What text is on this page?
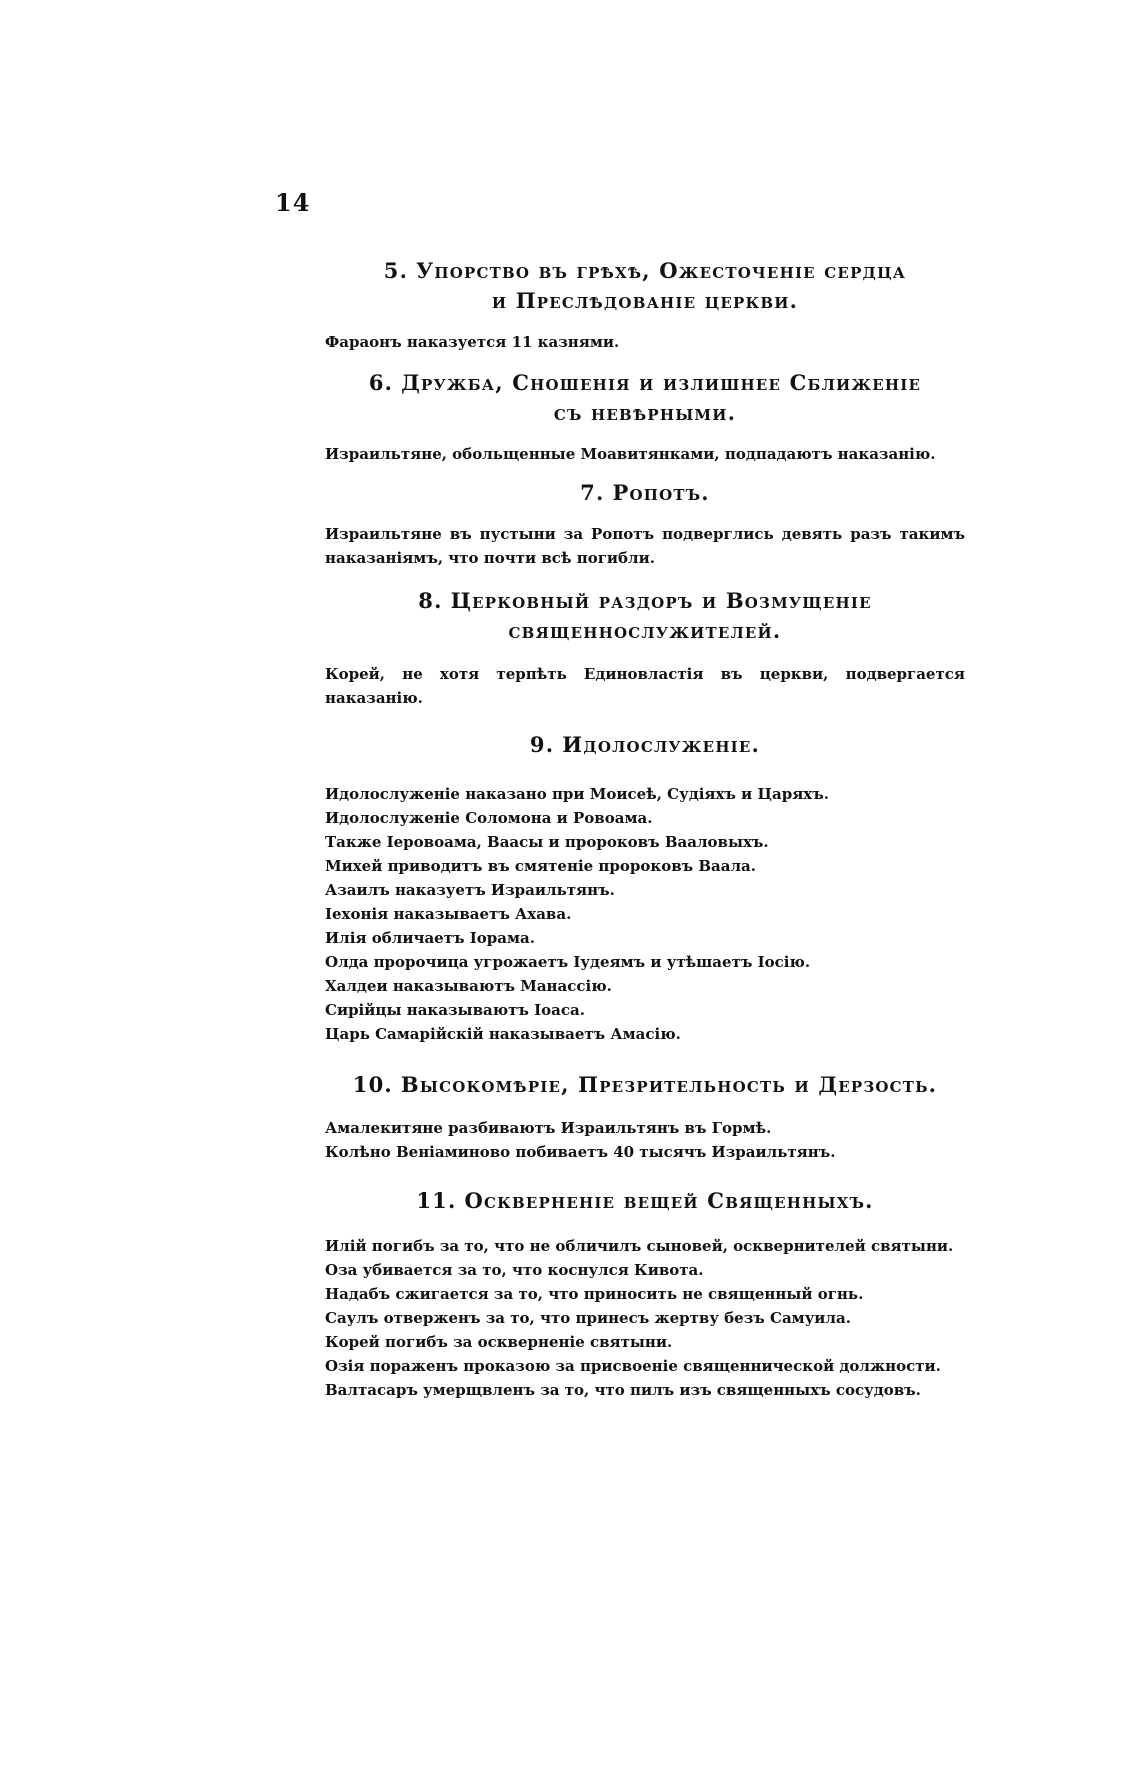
14
5. Упорство въ грѣхѣ, Ожесточеніе сердца
и Преслѣдованіе церкви.

Фараонъ наказуется 11 казнями.

6. Дружба, Сношенія и излишнее Сближеніе
съ невѣрными.

Израильтяне, обольщенные Моавитянками, подпадаютъ наказанію.

7. Ропотъ.

Израильтяне въ пустыни за Ропотъ подверглись девять разъ такимъ наказаніямъ, что почти всѣ погибли.

8. Церковный раздоръ и Возмущеніе
священнослужителей.

Корей, не хотя терпѣть Единовластія въ церкви, подвергается наказанію.

9. Идолослуженіе.
Идолослуженіе наказано при Моисеѣ, Судіяхъ и Царяхъ.
Идолослуженіе Соломона и Ровоама.
Также Іеровоама, Ваасы и пророковъ Вааловыхъ.
Михей приводитъ въ смятеніе пророковъ Ваала.
Азаилъ наказуетъ Израильтянъ.
Іехонія наказываетъ Ахава.
Илія обличаетъ Іорама.
Олда пророчица угрожаетъ Іудеямъ и утѣшаетъ Іосію.
Халдеи наказываютъ Манассію.
Сирійцы наказываютъ Іоаса.
Царь Самарійскій наказываетъ Амасію.
10. Высокомѣріе, Презрительность и Дерзость.
Амалекитяне разбиваютъ Израильтянъ въ Гормѣ.
Колѣно Веніаминово побиваетъ 40 тысячъ Израильтянъ.
11. Оскверненіе вещей Священныхъ.
Илій погибъ за то, что не обличилъ сыновей, осквернителей святыни.
Оза убивается за то, что коснулся Кивота.
Надабъ сжигается за то, что приносить не священный огнь.
Саулъ отверженъ за то, что принесъ жертву безъ Самуила.
Корей погибъ за оскверненіе святыни.
Озія пораженъ проказою за присвоеніе священнической должности.
Валтасаръ умерщвленъ за то, что пилъ изъ священныхъ сосудовъ.
